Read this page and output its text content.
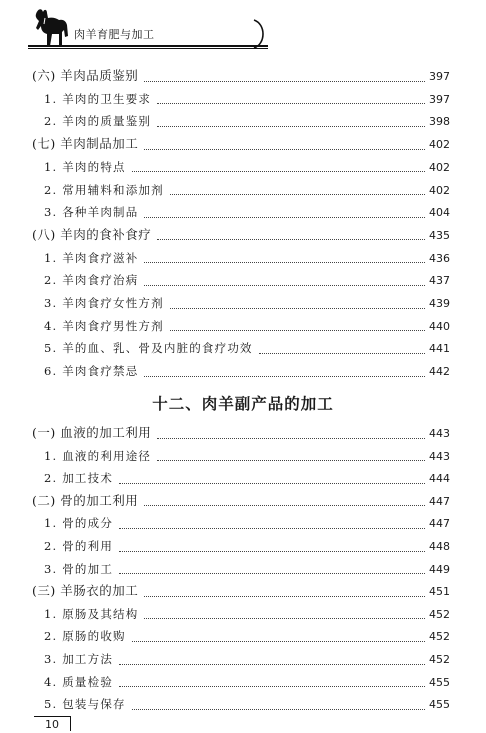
肉羊育肥与加工
(六) 羊肉品质鉴别	397
1. 羊肉的卫生要求	397
2. 羊肉的质量鉴别	398
(七) 羊肉制品加工	402
1. 羊肉的特点	402
2. 常用辅料和添加剂	402
3. 各种羊肉制品	404
(八) 羊肉的食补食疗	435
1. 羊肉食疗滋补	436
2. 羊肉食疗治病	437
3. 羊肉食疗女性方剂	439
4. 羊肉食疗男性方剂	440
5. 羊的血、乳、骨及内脏的食疗功效	441
6. 羊肉食疗禁忌	442
十二、肉羊副产品的加工
(一) 血液的加工利用	443
1. 血液的利用途径	443
2. 加工技术	444
(二) 骨的加工利用	447
1. 骨的成分	447
2. 骨的利用	448
3. 骨的加工	449
(三) 羊肠衣的加工	451
1. 原肠及其结构	452
2. 原肠的收购	452
3. 加工方法	452
4. 质量检验	455
5. 包装与保存	455
10
